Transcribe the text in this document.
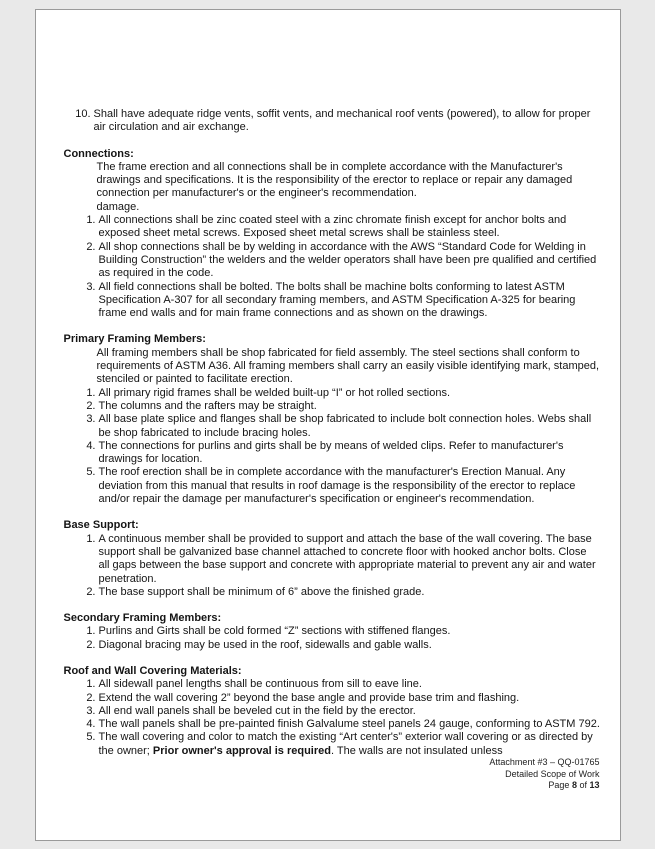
10. Shall have adequate ridge vents, soffit vents, and mechanical roof vents (powered), to allow for proper air circulation and air exchange.
Connections:
The frame erection and all connections shall be in complete accordance with the Manufacturer's drawings and specifications. It is the responsibility of the erector to replace or repair any damaged connection per manufacturer's or the engineer's recommendation.
damage.
1. All connections shall be zinc coated steel with a zinc chromate finish except for anchor bolts and exposed sheet metal screws. Exposed sheet metal screws shall be stainless steel.
2. All shop connections shall be by welding in accordance with the AWS “Standard Code for Welding in Building Construction” the welders and the welder operators shall have been pre qualified and certified as required in the code.
3. All field connections shall be bolted. The bolts shall be machine bolts conforming to latest ASTM Specification A-307 for all secondary framing members, and ASTM Specification A-325 for bearing frame end walls and for main frame connections and as shown on the drawings.
Primary Framing Members:
All framing members shall be shop fabricated for field assembly. The steel sections shall conform to requirements of ASTM A36. All framing members shall carry an easily visible identifying mark, stamped, stenciled or painted to facilitate erection.
1. All primary rigid frames shall be welded built-up “I” or hot rolled sections.
2. The columns and the rafters may be straight.
3. All base plate splice and flanges shall be shop fabricated to include bolt connection holes. Webs shall be shop fabricated to include bracing holes.
4. The connections for purlins and girts shall be by means of welded clips. Refer to manufacturer's drawings for location.
5. The roof erection shall be in complete accordance with the manufacturer's Erection Manual. Any deviation from this manual that results in roof damage is the responsibility of the erector to replace and/or repair the damage per manufacturer's specification or engineer's recommendation.
Base Support:
1. A continuous member shall be provided to support and attach the base of the wall covering. The base support shall be galvanized base channel attached to concrete floor with hooked anchor bolts. Close all gaps between the base support and concrete with appropriate material to prevent any air and water penetration.
2. The base support shall be minimum of 6” above the finished grade.
Secondary Framing Members:
1. Purlins and Girts shall be cold formed “Z” sections with stiffened flanges.
2. Diagonal bracing may be used in the roof, sidewalls and gable walls.
Roof and Wall Covering Materials:
1. All sidewall panel lengths shall be continuous from sill to eave line.
2. Extend the wall covering 2” beyond the base angle and provide base trim and flashing.
3. All end wall panels shall be beveled cut in the field by the erector.
4. The wall panels shall be pre-painted finish Galvalume steel panels 24 gauge, conforming to ASTM 792.
5. The wall covering and color to match the existing “Art center's” exterior wall covering or as directed by the owner; Prior owner's approval is required. The walls are not insulated unless
Attachment #3 – QQ-01765
Detailed Scope of Work
Page 8 of 13
